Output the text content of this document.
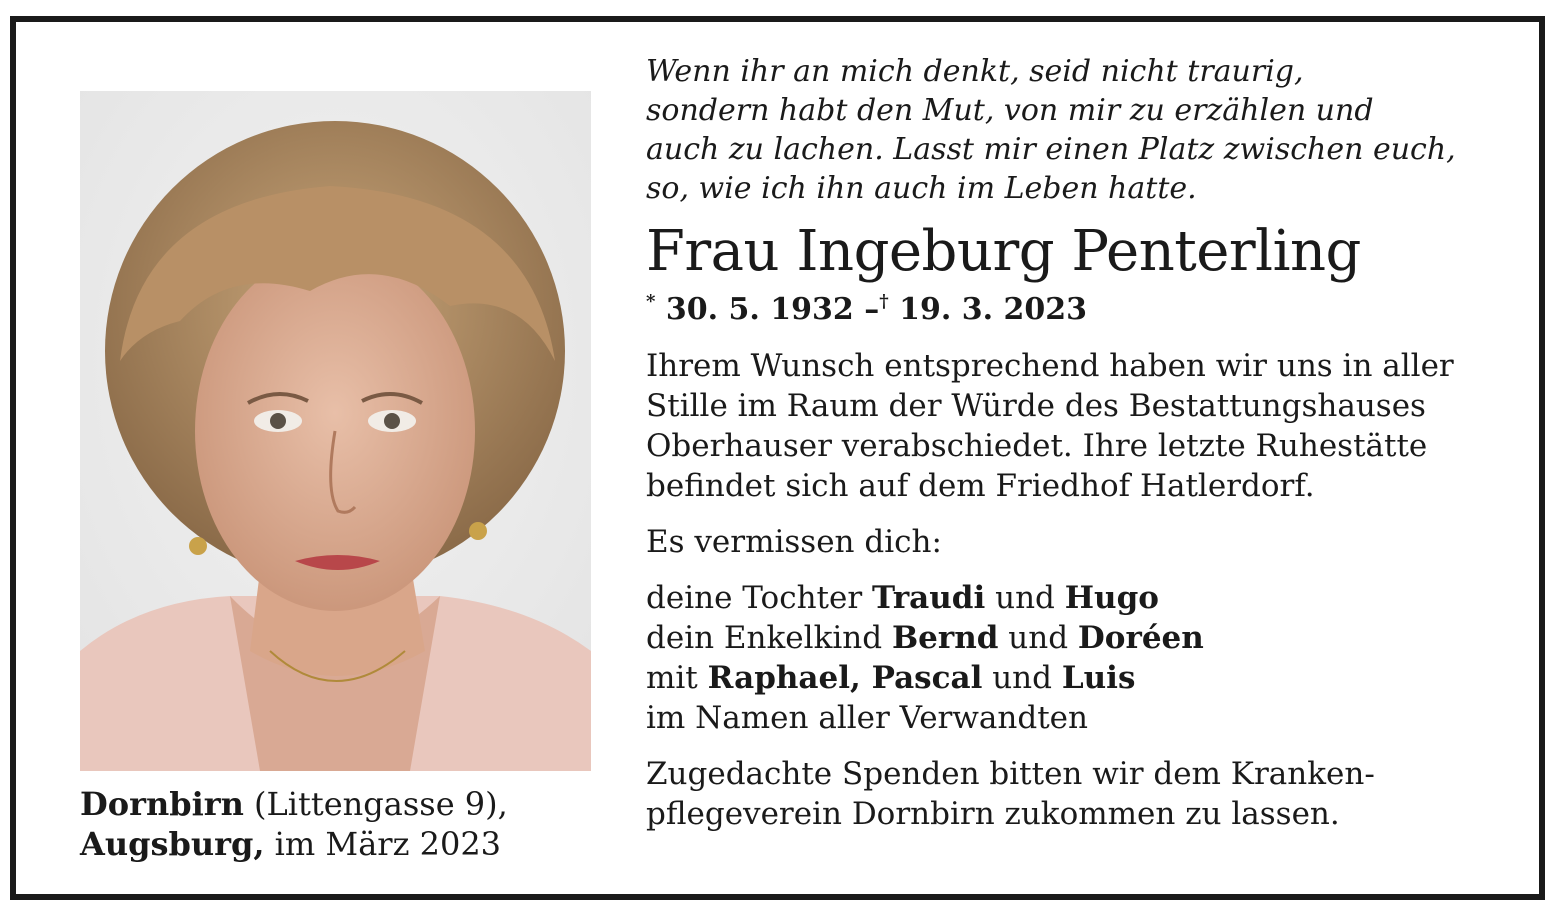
Dornbirn (Littengasse 9),
Augsburg, im März 2023
Wenn ihr an mich denkt, seid nicht traurig,
sondern habt den Mut, von mir zu erzählen und
auch zu lachen. Lasst mir einen Platz zwischen euch,
so, wie ich ihn auch im Leben hatte.
Frau Ingeburg Penterling
* 30. 5. 1932 –† 19. 3. 2023

Ihrem Wunsch entsprechend haben wir uns in aller

Stille im Raum der Würde des Bestattungshauses

Oberhauser verabschiedet. Ihre letzte Ruhestätte

befindet sich auf dem Friedhof Hatlerdorf.

Es vermissen dich:

deine Tochter Traudi und Hugo

dein Enkelkind Bernd und Doréen

mit Raphael, Pascal und Luis

im Namen aller Verwandten

Zugedachte Spenden bitten wir dem Kranken-

pflegeverein Dornbirn zukommen zu lassen.
